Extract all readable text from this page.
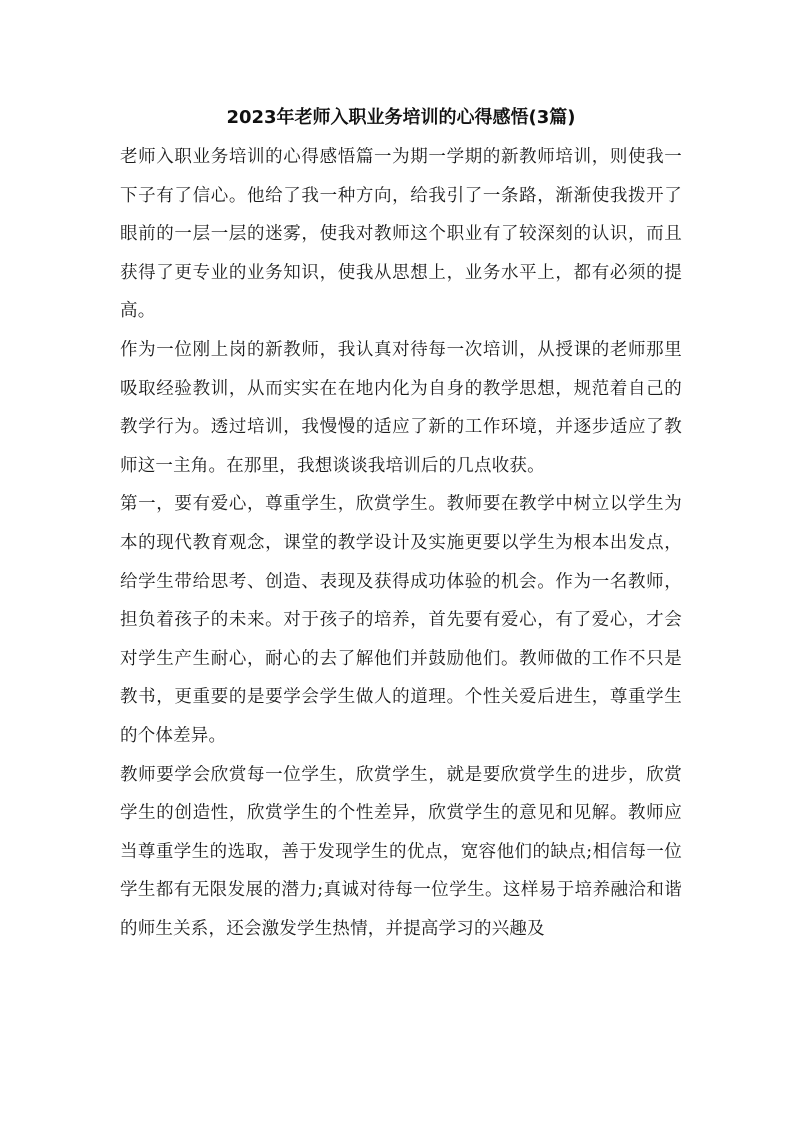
2023年老师入职业务培训的心得感悟(3篇)

老师入职业务培训的心得感悟篇一为期一学期的新教师培训，则使我一下子有了信心。他给了我一种方向，给我引了一条路，渐渐使我拨开了眼前的一层一层的迷雾，使我对教师这个职业有了较深刻的认识，而且获得了更专业的业务知识，使我从思想上，业务水平上，都有必须的提高。

作为一位刚上岗的新教师，我认真对待每一次培训，从授课的老师那里吸取经验教训，从而实实在在地内化为自身的教学思想，规范着自己的教学行为。透过培训，我慢慢的适应了新的工作环境，并逐步适应了教师这一主角。在那里，我想谈谈我培训后的几点收获。

第一，要有爱心，尊重学生，欣赏学生。教师要在教学中树立以学生为本的现代教育观念，课堂的教学设计及实施更要以学生为根本出发点，给学生带给思考、创造、表现及获得成功体验的机会。作为一名教师，担负着孩子的未来。对于孩子的培养，首先要有爱心，有了爱心，才会对学生产生耐心，耐心的去了解他们并鼓励他们。教师做的工作不只是教书，更重要的是要学会学生做人的道理。个性关爱后进生，尊重学生的个体差异。

教师要学会欣赏每一位学生，欣赏学生，就是要欣赏学生的进步，欣赏学生的创造性，欣赏学生的个性差异，欣赏学生的意见和见解。教师应当尊重学生的选取，善于发现学生的优点，宽容他们的缺点;相信每一位学生都有无限发展的潜力;真诚对待每一位学生。这样易于培养融洽和谐的师生关系，还会激发学生热情，并提高学习的兴趣及
